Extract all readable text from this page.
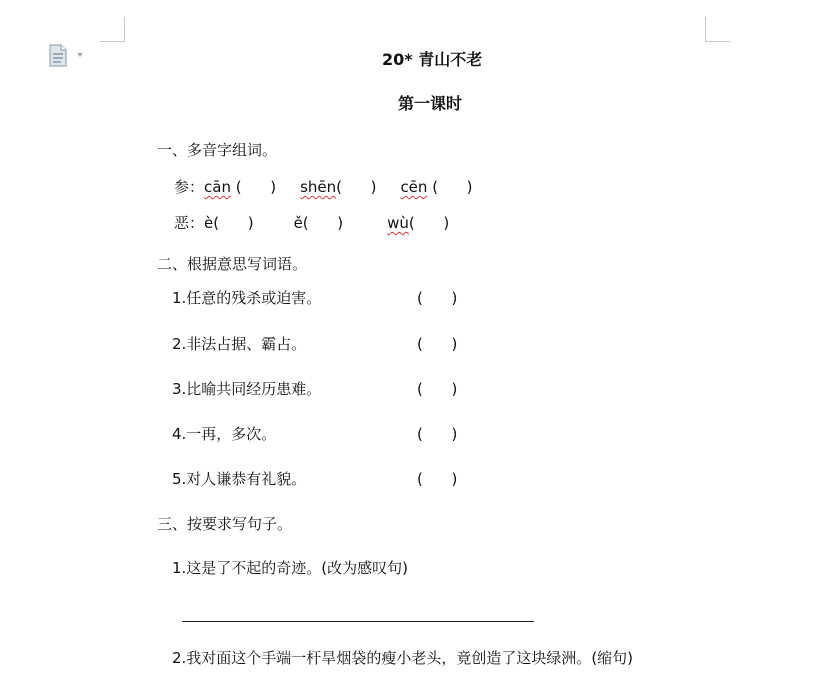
20* 青山不老
第一课时
一、多音字组词。
参：cān (      ) shēn(      ) cēn (      )
恶：è(      )	ě(      )	wù(      )
二、根据意思写词语。
1.任意的残杀或迫害。	(      )
2.非法占据、霸占。	(      )
3.比喻共同经历患难。	(      )
4.一再，多次。	(      )
5.对人谦恭有礼貌。	(      )
三、按要求写句子。
1.这是了不起的奇迹。(改为感叹句)
2.我对面这个手端一杆旱烟袋的瘦小老头，竟创造了这块绿洲。(缩句)
